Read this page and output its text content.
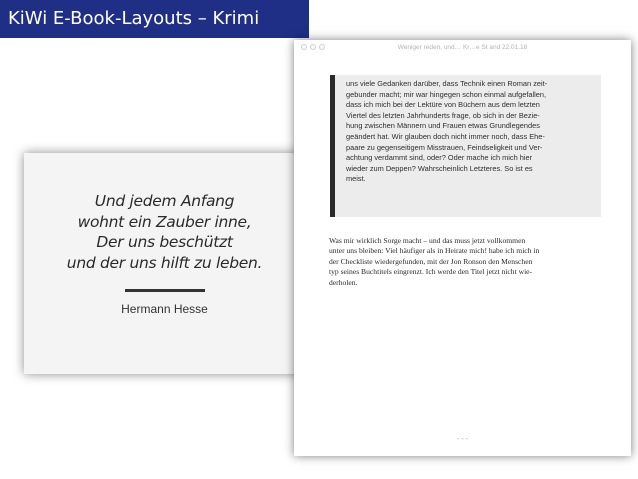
KiWi E-Book-Layouts – Krimi
Und jedem Anfang
wohnt ein Zauber inne,
Der uns beschützt
und der uns hilft zu leben.
Hermann Hesse
Weniger reden, und… Kr…e St and 22.01.18
uns viele Gedanken darüber, dass Technik einen Roman zeit-
gebunder macht; mir war hingegen schon einmal aufgefallen,
dass ich mich bei der Lektüre von Büchern aus dem letzten
Viertel des letzten Jahrhunderts frage, ob sich in der Bezie-
hung zwischen Männern und Frauen etwas Grundlegendes
geändert hat. Wir glauben doch nicht immer noch, dass Ehe-
paare zu gegenseitigem Misstrauen, Feindseligkeit und Ver-
achtung verdammt sind, oder? Oder mache ich mich hier
wieder zum Deppen? Wahrscheinlich Letzteres. So ist es
meist.
Was mir wirklich Sorge macht – und das muss jetzt vollkommen
unter uns bleiben: Viel häufiger als in Heirate mich! habe ich mich in
der Checkliste wiedergefunden, mit der Jon Ronson den Menschen
typ seines Buchtitels eingrenzt. Ich werde den Titel jetzt nicht wie-
derholen.
- - -
